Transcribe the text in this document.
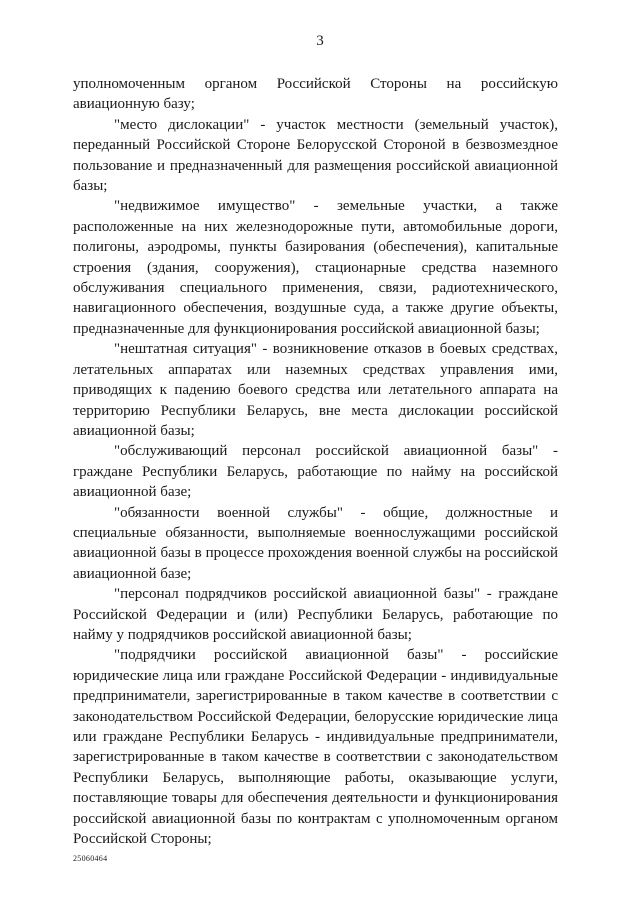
3

уполномоченным органом Российской Стороны на российскую авиационную базу;

"место дислокации" - участок местности (земельный участок), переданный Российской Стороне Белорусской Стороной в безвозмездное пользование и предназначенный для размещения российской авиационной базы;

"недвижимое имущество" - земельные участки, а также расположенные на них железнодорожные пути, автомобильные дороги, полигоны, аэродромы, пункты базирования (обеспечения), капитальные строения (здания, сооружения), стационарные средства наземного обслуживания специального применения, связи, радиотехнического, навигационного обеспечения, воздушные суда, а также другие объекты, предназначенные для функционирования российской авиационной базы;

"нештатная ситуация" - возникновение отказов в боевых средствах, летательных аппаратах или наземных средствах управления ими, приводящих к падению боевого средства или летательного аппарата на территорию Республики Беларусь, вне места дислокации российской авиационной базы;

"обслуживающий персонал российской авиационной базы" - граждане Республики Беларусь, работающие по найму на российской авиационной базе;

"обязанности военной службы" - общие, должностные и специальные обязанности, выполняемые военнослужащими российской авиационной базы в процессе прохождения военной службы на российской авиационной базе;

"персонал подрядчиков российской авиационной базы" - граждане Российской Федерации и (или) Республики Беларусь, работающие по найму у подрядчиков российской авиационной базы;

"подрядчики российской авиационной базы" - российские юридические лица или граждане Российской Федерации - индивидуальные предприниматели, зарегистрированные в таком качестве в соответствии с законодательством Российской Федерации, белорусские юридические лица или граждане Республики Беларусь - индивидуальные предприниматели, зарегистрированные в таком качестве в соответствии с законодательством Республики Беларусь, выполняющие работы, оказывающие услуги, поставляющие товары для обеспечения деятельности и функционирования российской авиационной базы по контрактам с уполномоченным органом Российской Стороны;

25060464
